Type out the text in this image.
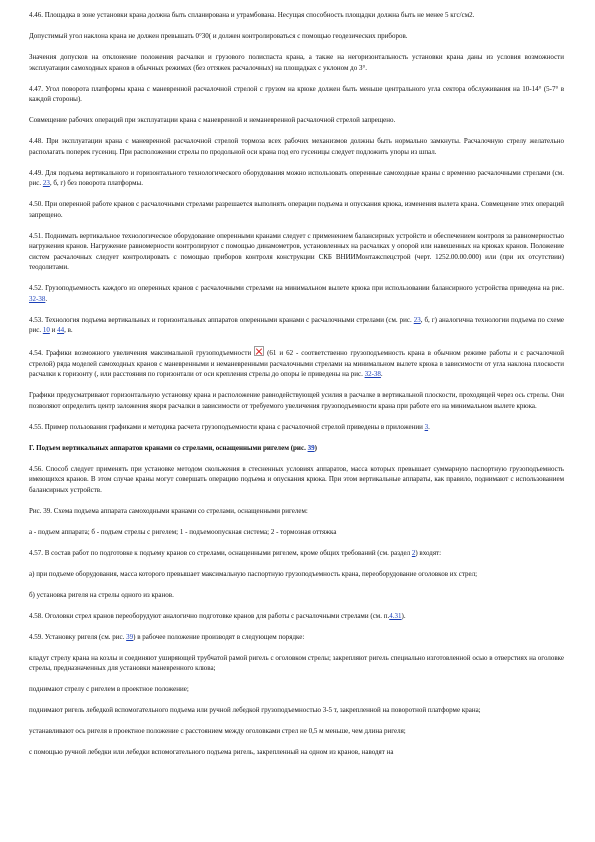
4.46. Площадка в зоне установки крана должна быть спланирована и утрамбована. Несущая способность площадки должна быть не менее 5 кгс/см2.

Допустимый угол наклона крана не должен превышать 0°30( и должен контролироваться с помощью геодезических приборов.

Значения допусков на отклонение положения расчалки и грузового полиспаста крана, а также на негоризонтальность установки крана даны из условия возможности эксплуатации самоходных кранов в обычных режимах (без оттяжек расчалочных) на площадках с уклоном до 3°.

4.47. Угол поворота платформы крана с маневренной расчалочной стрелой с грузом на крюке должен быть меньше центрального угла сектора обслуживания на 10-14° (5-7° в каждой стороны).

Совмещение рабочих операций при эксплуатации крана с маневренной и неманевренной расчалочной стрелой запрещено.

4.48. При эксплуатации крана с маневренной расчалочной стрелой тормоза всех рабочих механизмов должны быть нормально замкнуты. Расчалочную стрелу желательно располагать поперек гусениц. При расположении стрелы по продольной оси крана под его гусеницы следует подложить упоры из шпал.

4.49. Для подъема вертикального и горизонтального технологического оборудования можно использовать оперенные самоходные краны с временно расчалочными стрелами (см. рис. 23, б, г) без поворота платформы.

4.50. При оперенной работе кранов с расчалочными стрелами разрешается выполнять операции подъема и опускания крюка, изменения вылета крана. Совмещение этих операций запрещено.

4.51. Поднимать вертикальное технологическое оборудование оперенными кранами следует с применением балансирных устройств и обеспечением контроля за равномерностью нагружения кранов. Нагружение равномерности контролируют с помощью динамометров, установленных на расчалках у опорой или навешенных на крюках кранов. Положение систем расчалочных следует контролировать с помощью приборов контроля конструкции СКБ ВНИИМонтажспецстрой (черт. 1252.00.00.000) или (при их отсутствии) теодолитами.

4.52. Грузоподъемность каждого из оперенных кранов с расчалочными стрелами на минимальном вылете крюка при использовании балансирного устройства приведена на рис. 32-38.

4.53. Технология подъема вертикальных и горизонтальных аппаратов оперенными кранами с расчалочными стрелами (см. рис. 23, б, г) аналогична технологии подъема по схеме рис. 10 и 44, в.

4.54. Графики возможного увеличения максимальной грузоподъемности  (61 и 62 - соответственно грузоподъемность крана в обычном режиме работы и с расчалочной стрелой) ряда моделей самоходных кранов с маневренными и неманевренными расчалочными стрелами на минимальном вылете крюка в зависимости от угла наклона плоскости расчалки к горизонту (, или расстояния по горизонтали от оси крепления стрелы до опоры ie приведены на рис. 32-38.

Графики предусматривают горизонтальную установку крана и расположение равнодействующей усилия в расчалке в вертикальной плоскости, проходящей через ось стрелы. Они позволяют определить центр заложения якоря расчалки в зависимости от требуемого увеличения грузоподъемности крана при работе его на минимальном вылете крюка.

4.55. Пример пользования графиками и методика расчета грузоподъемности крана с расчалочной стрелой приведены в приложении 3.

Г. Подъем вертикальных аппаратов кранами со стрелами, оснащенными ригелем (рис. 39)

4.56. Способ следует применять при установке методом скольжения в стесненных условиях аппаратов, масса которых превышает суммарную паспортную грузоподъемность имеющихся кранов. В этом случае краны могут совершать операцию подъема и опускания крюка. При этом вертикальные аппараты, как правило, поднимают с использованием балансирных устройств.

Рис. 39. Схема подъема аппарата самоходными кранами со стрелами, оснащенными ригелем:

а - подъем аппарата; б - подъем стрелы с ригелем; 1 - подъемоопускная система; 2 - тормозная оттяжка

4.57. В состав работ по подготовке к подъему кранов со стрелами, оснащенными ригелем, кроме общих требований (см. раздел 2) входят:

а) при подъеме оборудования, масса которого превышает максимальную паспортную грузоподъемность крана, переоборудование оголовков их стрел;

б) установка ригеля на стрелы одного из кранов.

4.58. Оголовки стрел кранов переоборудуют аналогично подготовке кранов для работы с расчалочными стрелами (см. п.4.31).

4.59. Установку ригеля (см. рис. 39) в рабочее положение производят в следующем порядке:

кладут стрелу крана на козлы и соединяют уширяющей трубчатой рамой ригель с оголовком стрелы; закрепляют ригель специально изготовленной осью в отверстиях на оголовке стрелы, предназначенных для установки маневренного клюва;

поднимают стрелу с ригелем в проектное положение;

поднимают ригель лебедкой вспомогательного подъема или ручной лебедкой грузоподъемностью 3-5 т, закрепленной на поворотной платформе крана;

устанавливают ось ригеля в проектное положение с расстоянием между оголовками стрел не 0,5 м меньше, чем длина ригеля;

с помощью ручной лебедки или лебедки вспомогательного подъема ригель, закрепленный на одном из кранов, наводят на
